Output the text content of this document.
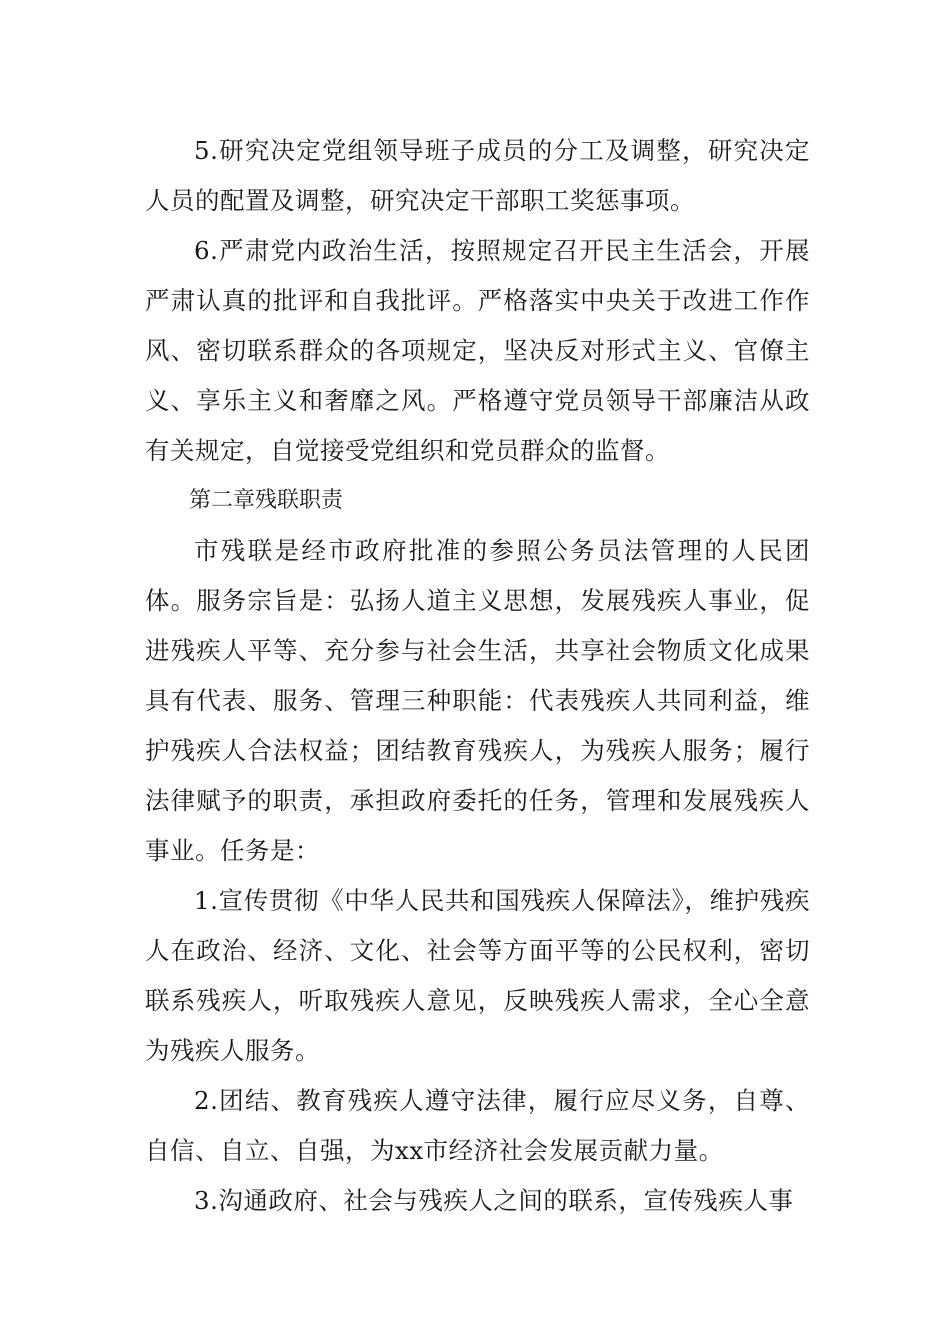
5.研究决定党组领导班子成员的分工及调整，研究决定人员的配置及调整，研究决定干部职工奖惩事项。

6.严肃党内政治生活，按照规定召开民主生活会，开展严肃认真的批评和自我批评。严格落实中央关于改进工作作风、密切联系群众的各项规定，坚决反对形式主义、官僚主义、享乐主义和奢靡之风。严格遵守党员领导干部廉洁从政有关规定，自觉接受党组织和党员群众的监督。

第二章残联职责

市残联是经市政府批准的参照公务员法管理的人民团体。服务宗旨是：弘扬人道主义思想，发展残疾人事业，促进残疾人平等、充分参与社会生活，共享社会物质文化成果具有代表、服务、管理三种职能：代表残疾人共同利益，维护残疾人合法权益；团结教育残疾人，为残疾人服务；履行法律赋予的职责，承担政府委托的任务，管理和发展残疾人事业。任务是：

1.宣传贯彻《中华人民共和国残疾人保障法》，维护残疾人在政治、经济、文化、社会等方面平等的公民权利，密切联系残疾人，听取残疾人意见，反映残疾人需求，全心全意为残疾人服务。

2.团结、教育残疾人遵守法律，履行应尽义务，自尊、自信、自立、自强，为xx市经济社会发展贡献力量。

3.沟通政府、社会与残疾人之间的联系，宣传残疾人事
